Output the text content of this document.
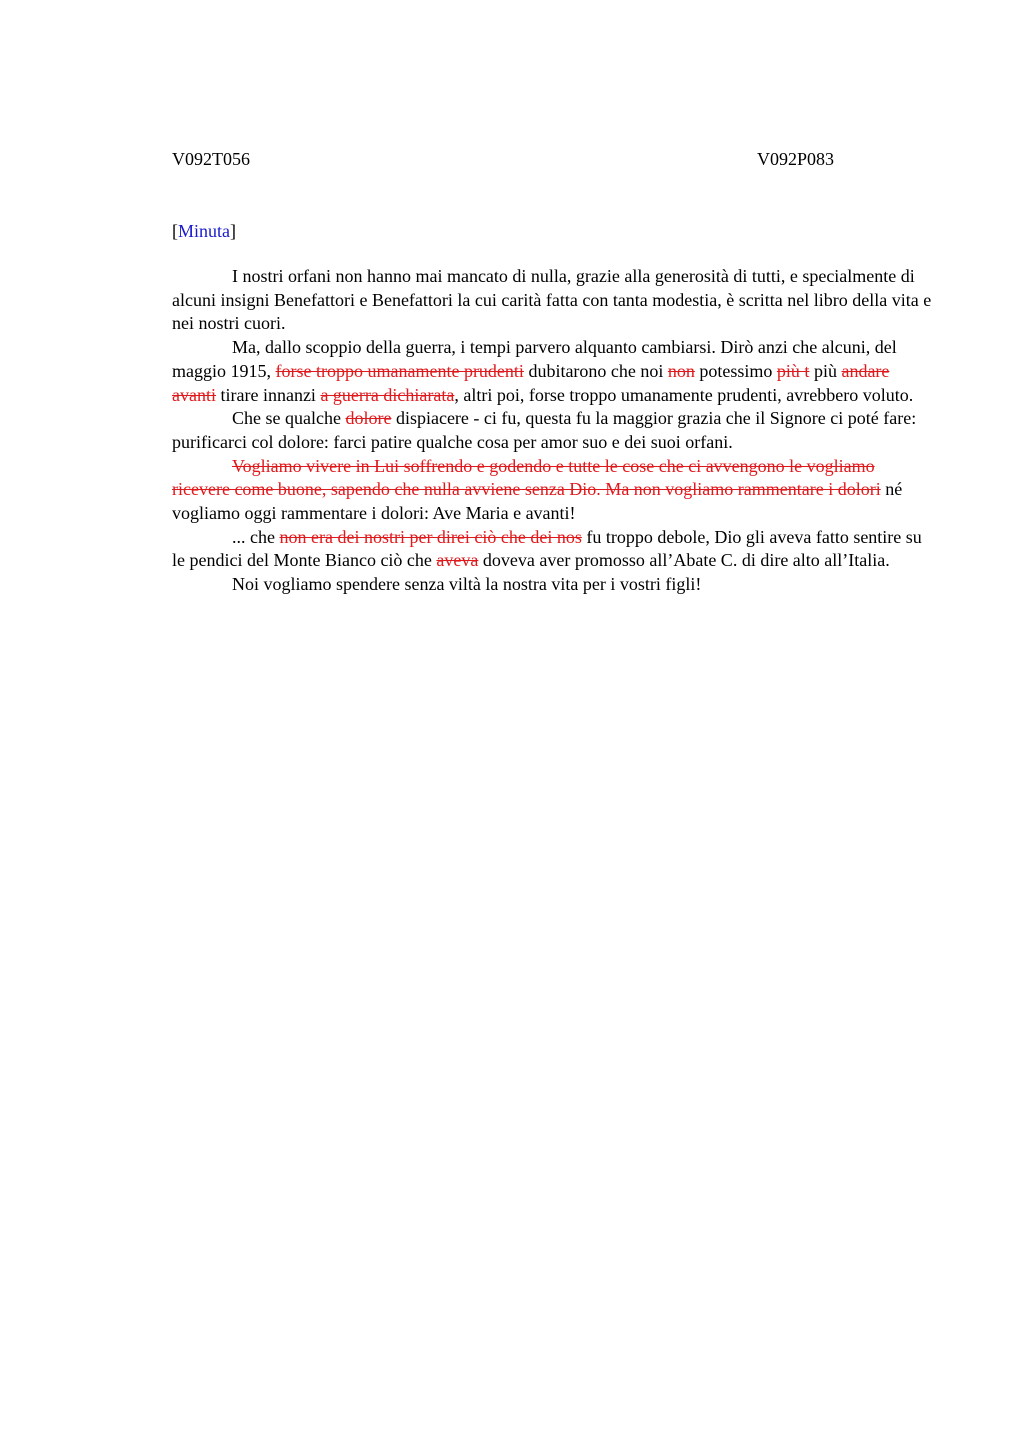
V092T056	V092P083
[Minuta]

I nostri orfani non hanno mai mancato di nulla, grazie alla generosità di tutti, e specialmente di alcuni insigni Benefattori e Benefattori la cui carità fatta con tanta modestia, è scritta nel libro della vita e nei nostri cuori.

Ma, dallo scoppio della guerra, i tempi parvero alquanto cambiarsi. Dirò anzi che alcuni, del maggio 1915, forse troppo umanamente prudenti dubitarono che noi non potessimo più t più andare avanti tirare innanzi a guerra dichiarata, altri poi, forse troppo umanamente prudenti, avrebbero voluto.

Che se qualche dolore dispiacere - ci fu, questa fu la maggior grazia che il Signore ci poté fare: purificarci col dolore: farci patire qualche cosa per amor suo e dei suoi orfani.

Vogliamo vivere in Lui soffrendo e godendo e tutte le cose che ci avvengono le vogliamo ricevere come buone, sapendo che nulla avviene senza Dio. Ma non vogliamo rammentare i dolori né vogliamo oggi rammentare i dolori: Ave Maria e avanti!

... che non era dei nostri per direi ciò che dei nos fu troppo debole, Dio gli aveva fatto sentire su le pendici del Monte Bianco ciò che aveva doveva aver promosso all’Abate C. di dire alto all’Italia.

Noi vogliamo spendere senza viltà la nostra vita per i vostri figli!
